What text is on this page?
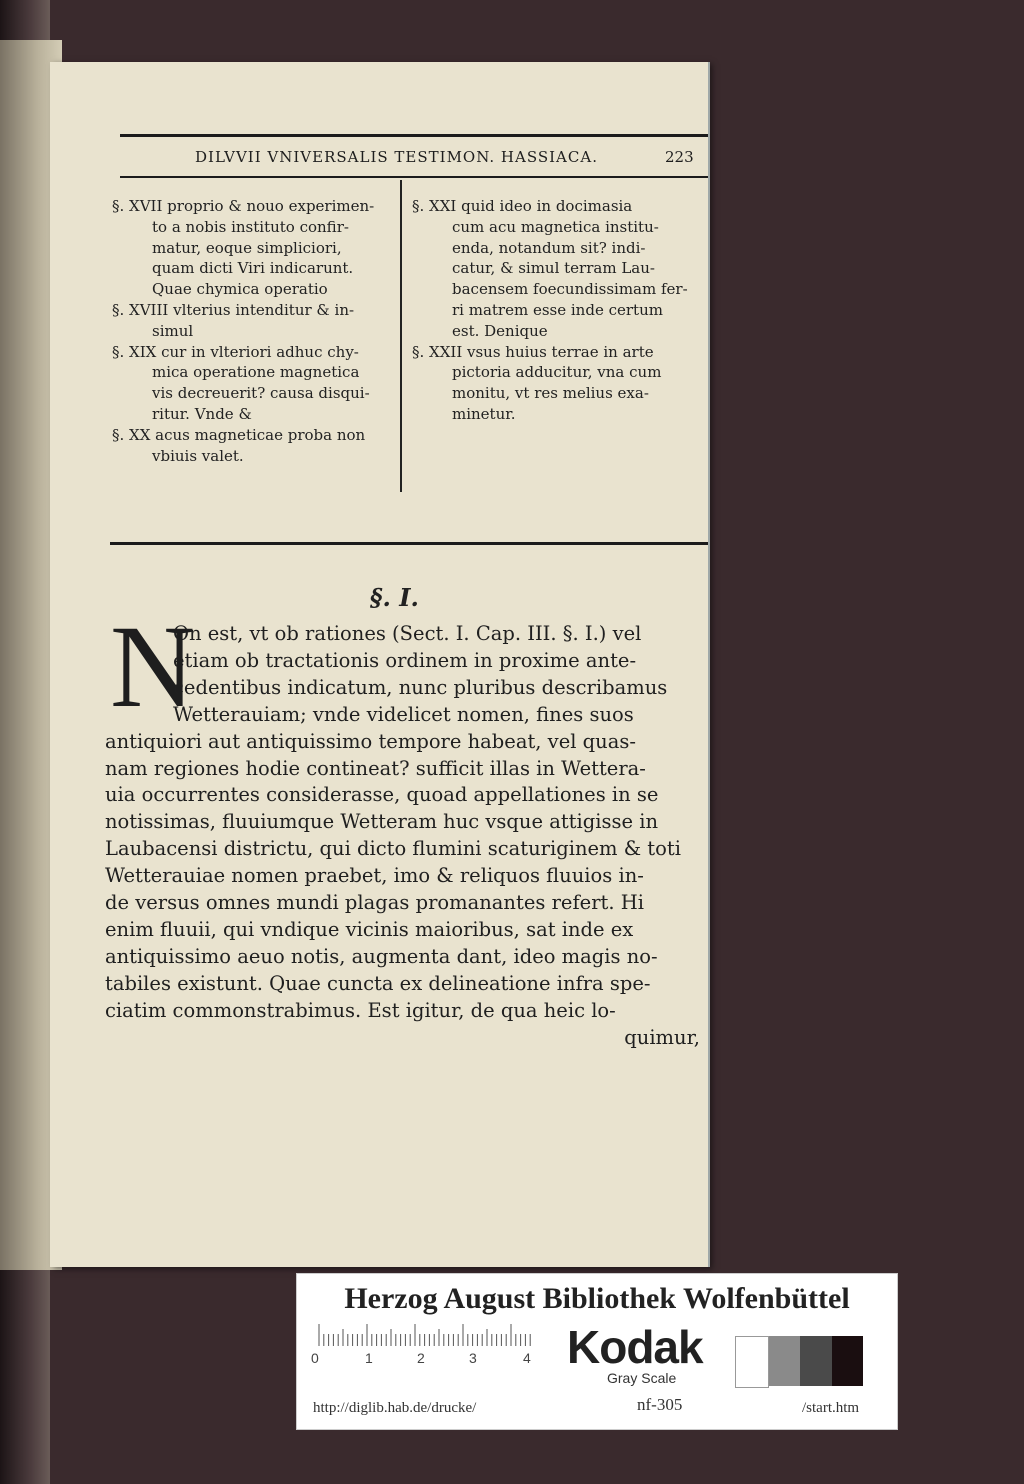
DILVVII VNIVERSALIS TESTIMON. HASSIACA.	223
§. XVII proprio & nouo experimen-
to a nobis instituto confir-
matur, eoque simpliciori,
quam dicti Viri indicarunt.
Quae chymica operatio
§. XVIII vlterius intenditur & in-
simul
§. XIX cur in vlteriori adhuc chy-
mica operatione magnetica
vis decreuerit? causa disqui-
ritur. Vnde &
§. XX acus magneticae proba non
vbiuis valet.
§. XXI quid ideo in docimasia
cum acu magnetica institu-
enda, notandum sit? indi-
catur, & simul terram Lau-
bacensem foecundissimam fer-
ri matrem esse inde certum
est. Denique
§. XXII vsus huius terrae in arte
pictoria adducitur, vna cum
monitu, vt res melius exa-
minetur.
§. I.
N
On est, vt ob rationes (Sect. I. Cap. III. §. I.) vel
etiam ob tractationis ordinem in proxime ante-
cedentibus indicatum, nunc pluribus describamus
Wetterauiam; vnde videlicet nomen, fines suos
antiquiori aut antiquissimo tempore habeat, vel quas-
nam regiones hodie contineat? sufficit illas in Wettera-
uia occurrentes considerasse, quoad appellationes in se
notissimas, fluuiumque Wetteram huc vsque attigisse in
Laubacensi districtu, qui dicto flumini scaturiginem & toti
Wetterauiae nomen praebet, imo & reliquos fluuios in-
de versus omnes mundi plagas promanantes refert. Hi
enim fluuii, qui vndique vicinis maioribus, sat inde ex
antiquissimo aeuo notis, augmenta dant, ideo magis no-
tabiles existunt. Quae cuncta ex delineatione infra spe-
ciatim commonstrabimus. Est igitur, de qua heic lo-
quimur,
Herzog August Bibliothek Wolfenbüttel
0	1	2	3	4 Kodak
Gray Scale
http://diglib.hab.de/drucke/	nf-305	/start.htm
